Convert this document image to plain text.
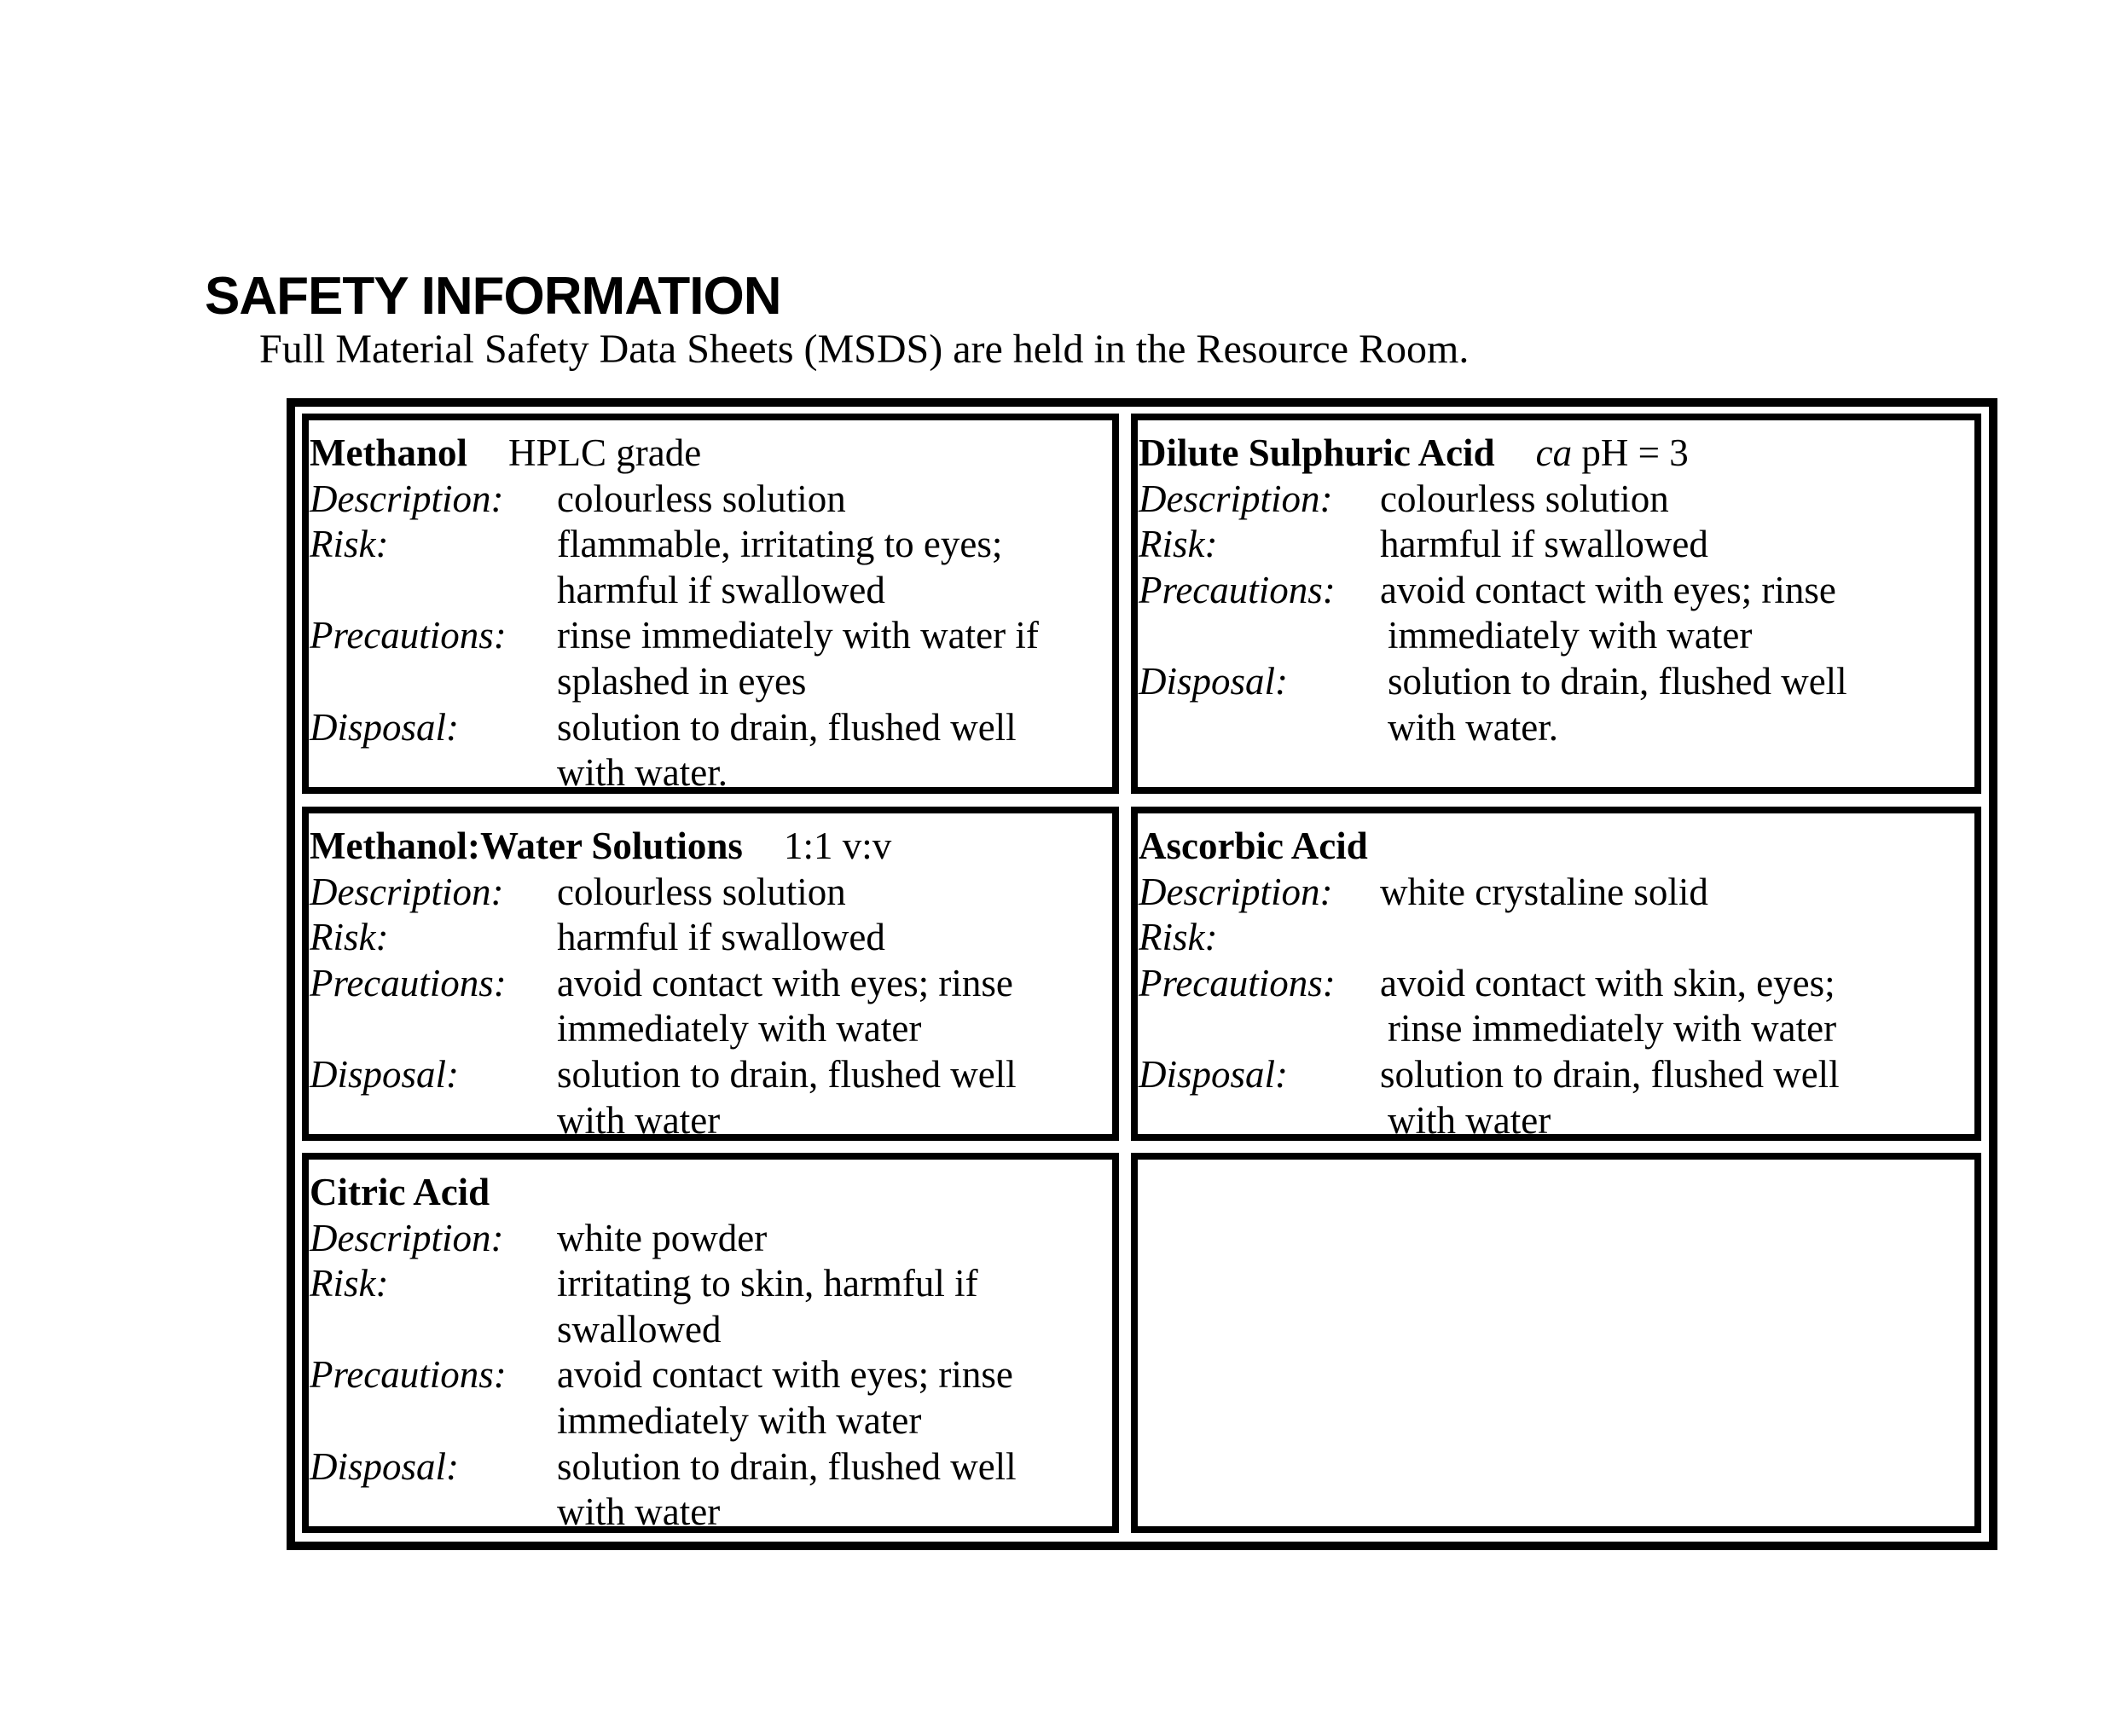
SAFETY INFORMATION
Full Material Safety Data Sheets (MSDS) are held in the Resource Room.
Methanol HPLC grade
Description:	colourless solution
Risk:	flammable, irritating to eyes;
harmful if swallowed
Precautions:	rinse immediately with water if
splashed in eyes
Disposal:	solution to drain, flushed well
with water.
Dilute Sulphuric Acid ca pH = 3
Description:	colourless solution
Risk:	harmful if swallowed
Precautions:	avoid contact with eyes; rinse
immediately with water
Disposal:	solution to drain, flushed well
with water.
Methanol:Water Solutions 1:1 v:v
Description:	colourless solution
Risk:	harmful if swallowed
Precautions:	avoid contact with eyes; rinse
immediately with water
Disposal:	solution to drain, flushed well
with water
Ascorbic Acid
Description:	white crystaline solid
Risk:

Precautions:	avoid contact with skin, eyes;
rinse immediately with water
Disposal:	solution to drain, flushed well
with water
Citric Acid
Description:	white powder
Risk:	irritating to skin, harmful if
swallowed
Precautions:	avoid contact with eyes; rinse
immediately with water
Disposal:	solution to drain, flushed well
with water
